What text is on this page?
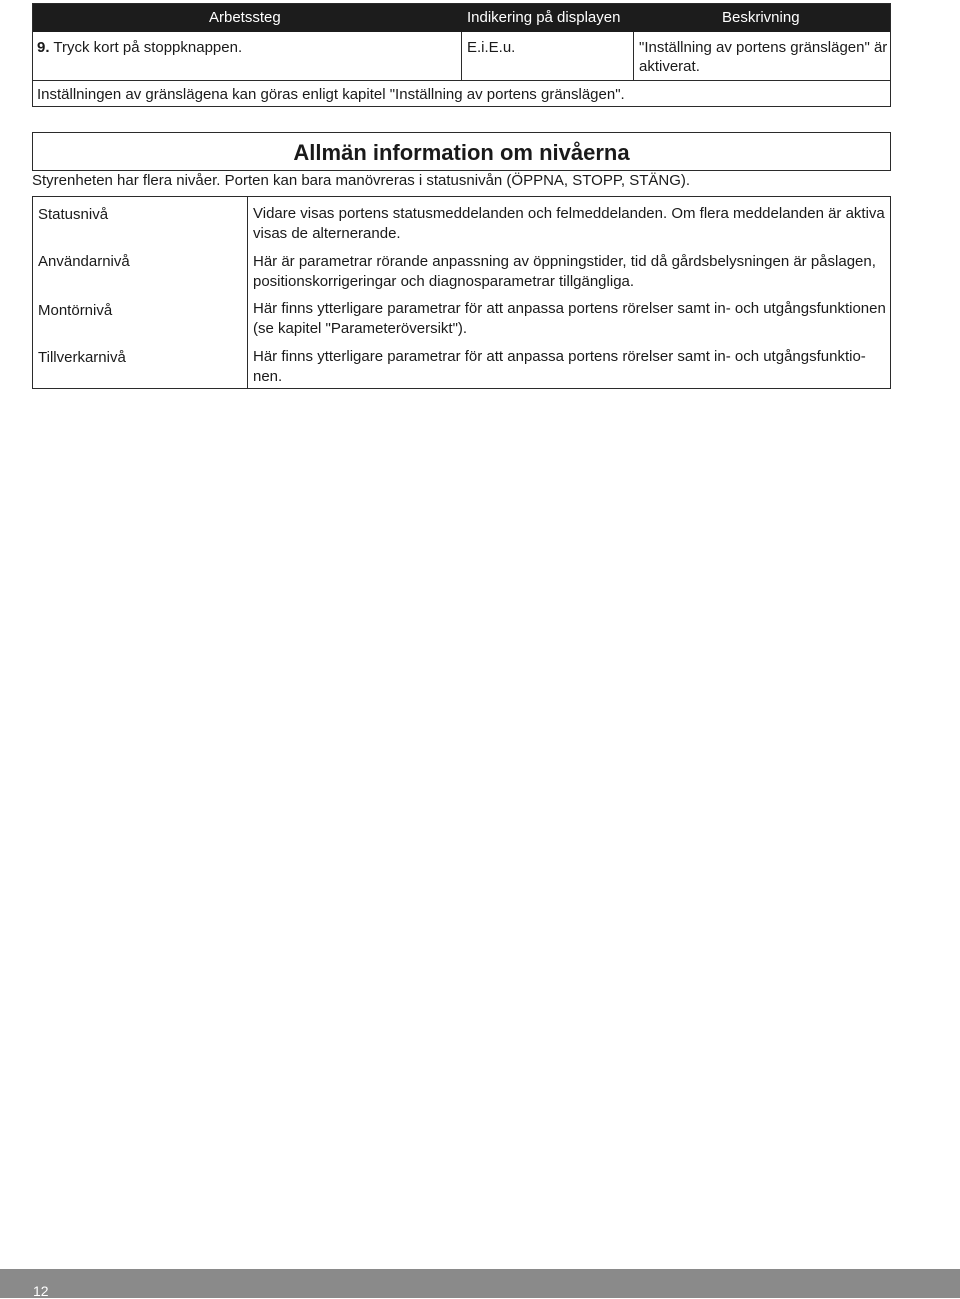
Arbetssteg	Indikering på displayen	Beskrivning
9. Tryck kort på stoppknappen.	E.i.E.u.	"Inställning av portens gränslägen" är aktiverat.
Inställningen av gränslägena kan göras enligt kapitel "Inställning av portens gränslägen".
Allmän information om nivåerna
Styrenheten har flera nivåer. Porten kan bara manövreras i statusnivån (ÖPPNA, STOPP, STÄNG).
Statusnivå	Vidare visas portens statusmeddelanden och felmeddelanden. Om flera meddelanden är aktiva visas de alternerande.
Användarnivå	Här är parametrar rörande anpassning av öppningstider, tid då gårdsbelysningen är påslagen, positionskorrigeringar och diagnosparametrar tillgängliga.
Montörnivå	Här finns ytterligare parametrar för att anpassa portens rörelser samt in- och utgångsfunktionen (se kapitel "Parameteröversikt").
Tillverkarnivå	Här finns ytterligare parametrar för att anpassa portens rörelser samt in- och utgångsfunktio-nen.
12
